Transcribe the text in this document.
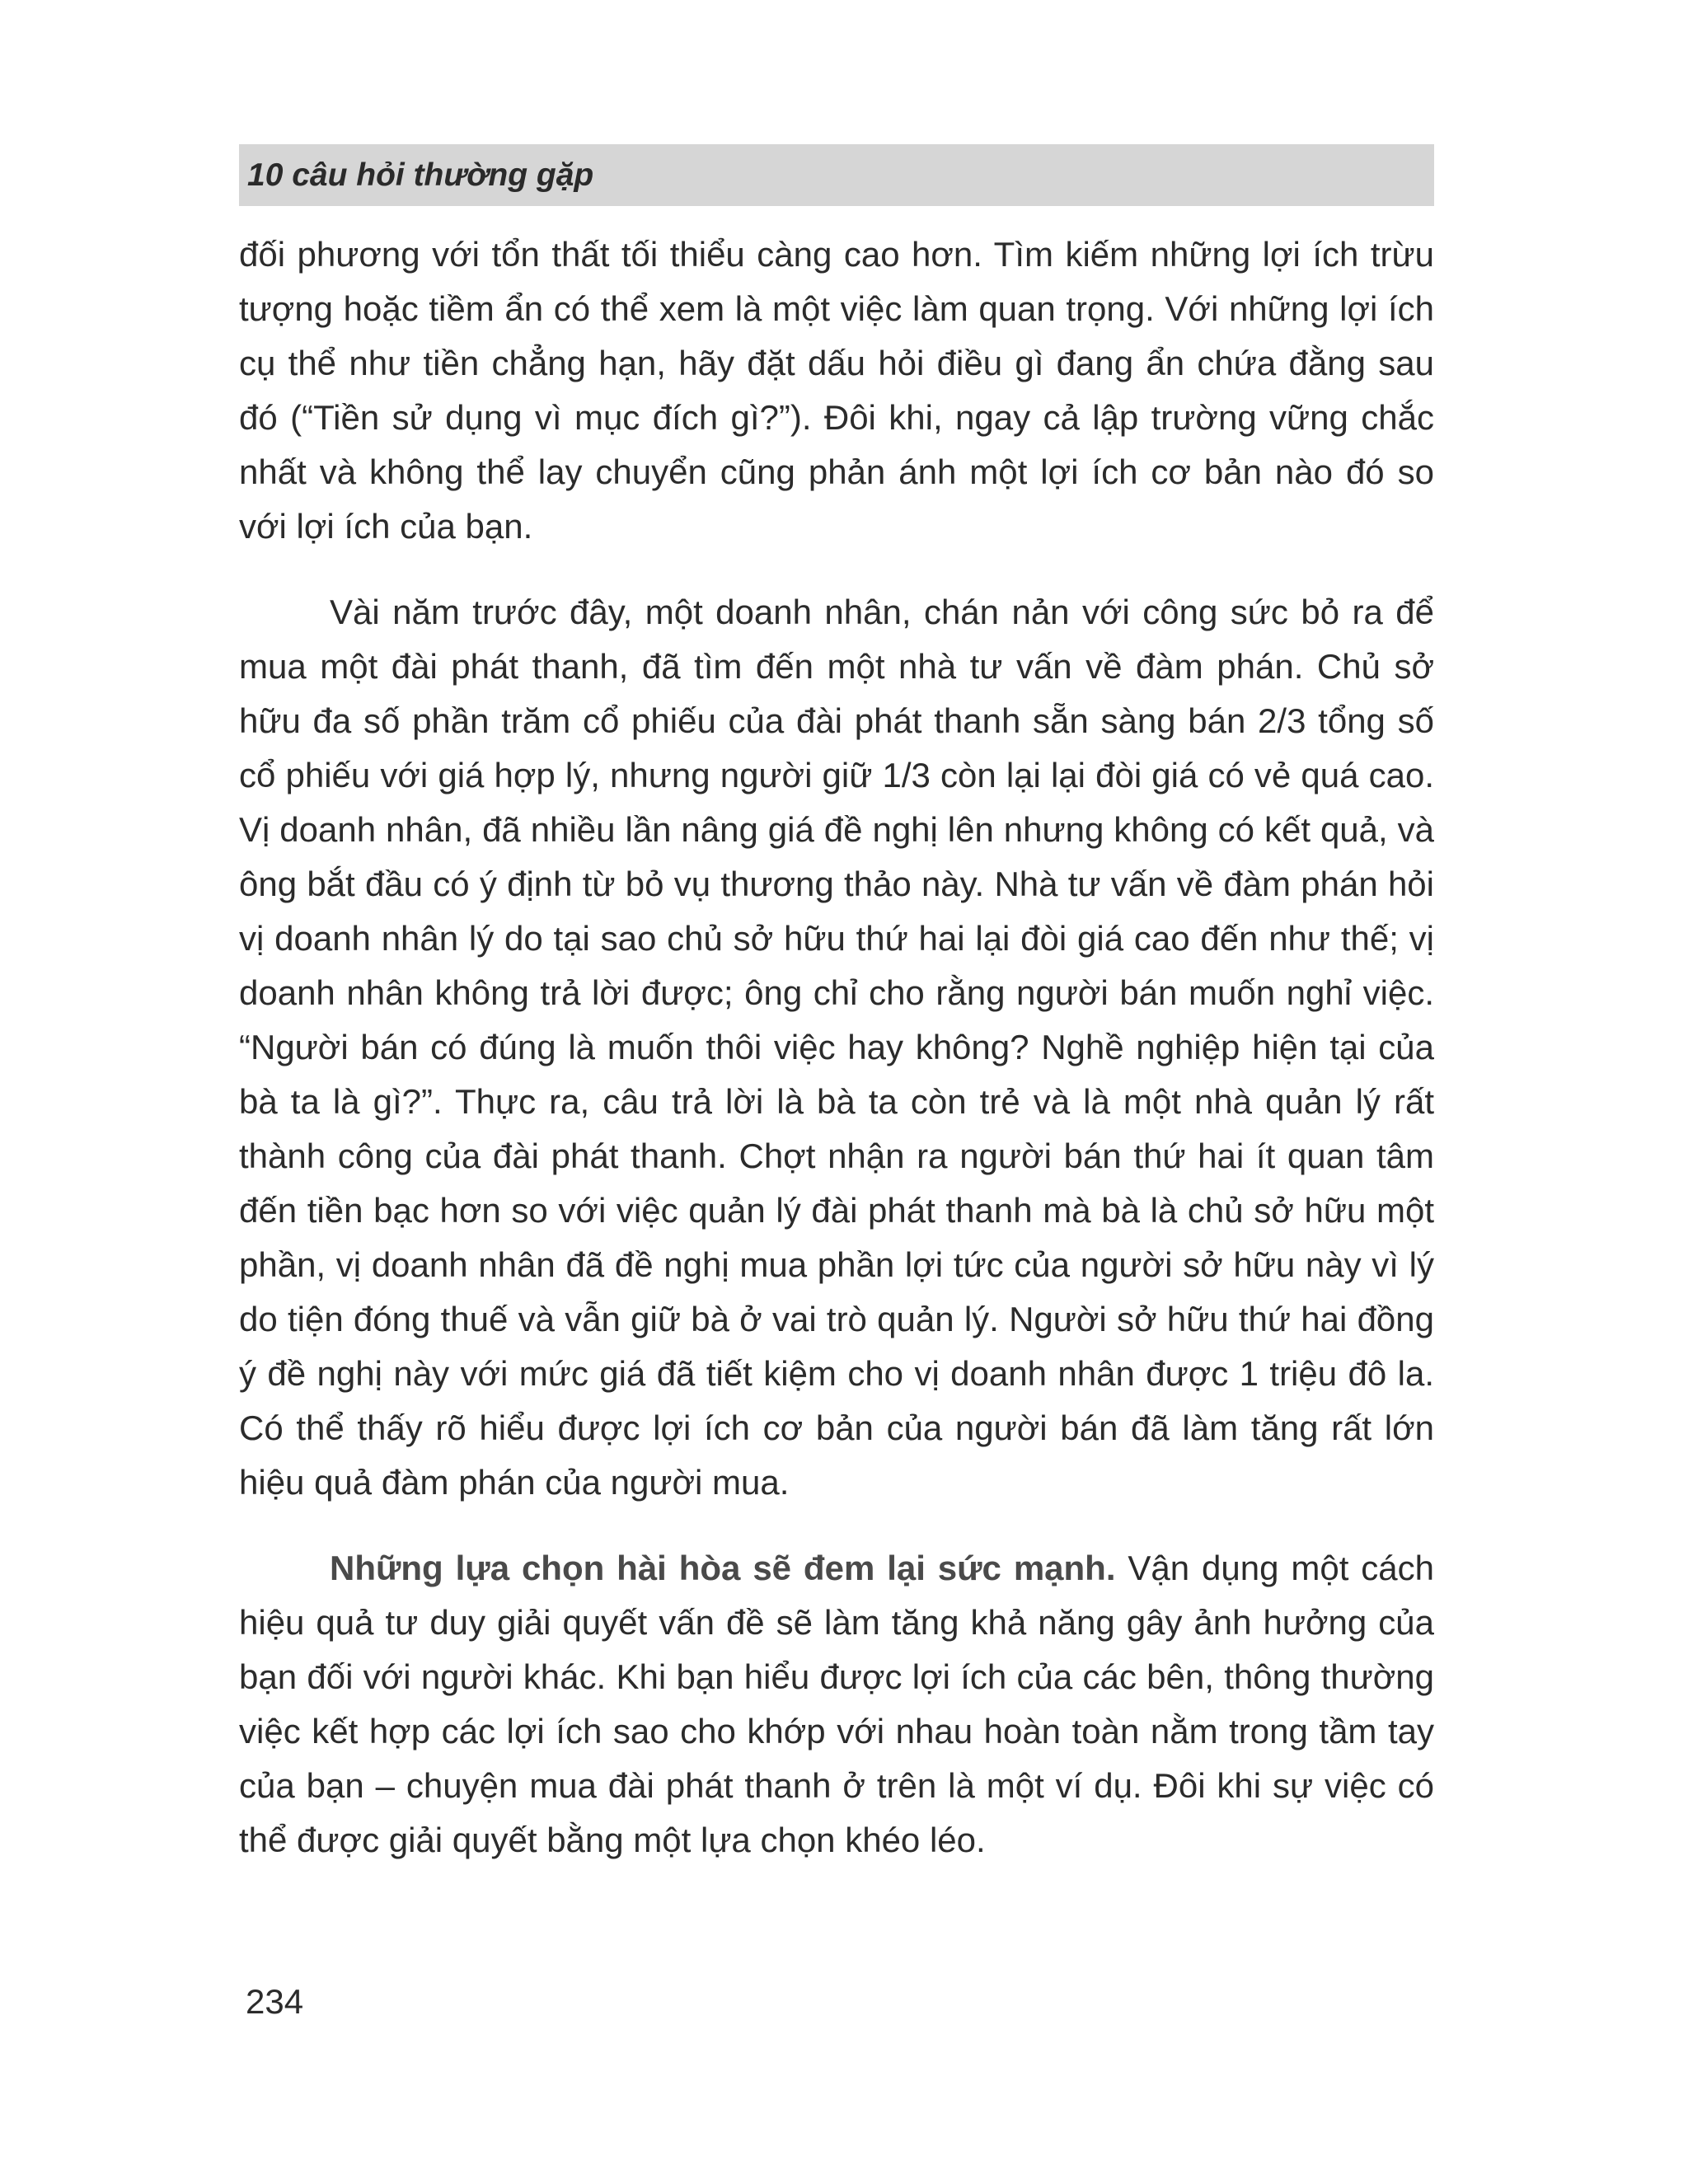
10 câu hỏi thường gặp

đối phương với tổn thất tối thiểu càng cao hơn. Tìm kiếm những lợi ích trừu tượng hoặc tiềm ẩn có thể xem là một việc làm quan trọng. Với những lợi ích cụ thể như tiền chẳng hạn, hãy đặt dấu hỏi điều gì đang ẩn chứa đằng sau đó (“Tiền sử dụng vì mục đích gì?”). Đôi khi, ngay cả lập trường vững chắc nhất và không thể lay chuyển cũng phản ánh một lợi ích cơ bản nào đó so với lợi ích của bạn.

Vài năm trước đây, một doanh nhân, chán nản với công sức bỏ ra để mua một đài phát thanh, đã tìm đến một nhà tư vấn về đàm phán. Chủ sở hữu đa số phần trăm cổ phiếu của đài phát thanh sẵn sàng bán 2/3 tổng số cổ phiếu với giá hợp lý, nhưng người giữ 1/3 còn lại lại đòi giá có vẻ quá cao. Vị doanh nhân, đã nhiều lần nâng giá đề nghị lên nhưng không có kết quả, và ông bắt đầu có ý định từ bỏ vụ thương thảo này. Nhà tư vấn về đàm phán hỏi vị doanh nhân lý do tại sao chủ sở hữu thứ hai lại đòi giá cao đến như thế; vị doanh nhân không trả lời được; ông chỉ cho rằng người bán muốn nghỉ việc. “Người bán có đúng là muốn thôi việc hay không? Nghề nghiệp hiện tại của bà ta là gì?”. Thực ra, câu trả lời là bà ta còn trẻ và là một nhà quản lý rất thành công của đài phát thanh. Chợt nhận ra người bán thứ hai ít quan tâm đến tiền bạc hơn so với việc quản lý đài phát thanh mà bà là chủ sở hữu một phần, vị doanh nhân đã đề nghị mua phần lợi tức của người sở hữu này vì lý do tiện đóng thuế và vẫn giữ bà ở vai trò quản lý. Người sở hữu thứ hai đồng ý đề nghị này với mức giá đã tiết kiệm cho vị doanh nhân được 1 triệu đô la. Có thể thấy rõ hiểu được lợi ích cơ bản của người bán đã làm tăng rất lớn hiệu quả đàm phán của người mua.

Những lựa chọn hài hòa sẽ đem lại sức mạnh. Vận dụng một cách hiệu quả tư duy giải quyết vấn đề sẽ làm tăng khả năng gây ảnh hưởng của bạn đối với người khác. Khi bạn hiểu được lợi ích của các bên, thông thường việc kết hợp các lợi ích sao cho khớp với nhau hoàn toàn nằm trong tầm tay của bạn – chuyện mua đài phát thanh ở trên là một ví dụ. Đôi khi sự việc có thể được giải quyết bằng một lựa chọn khéo léo.

234
